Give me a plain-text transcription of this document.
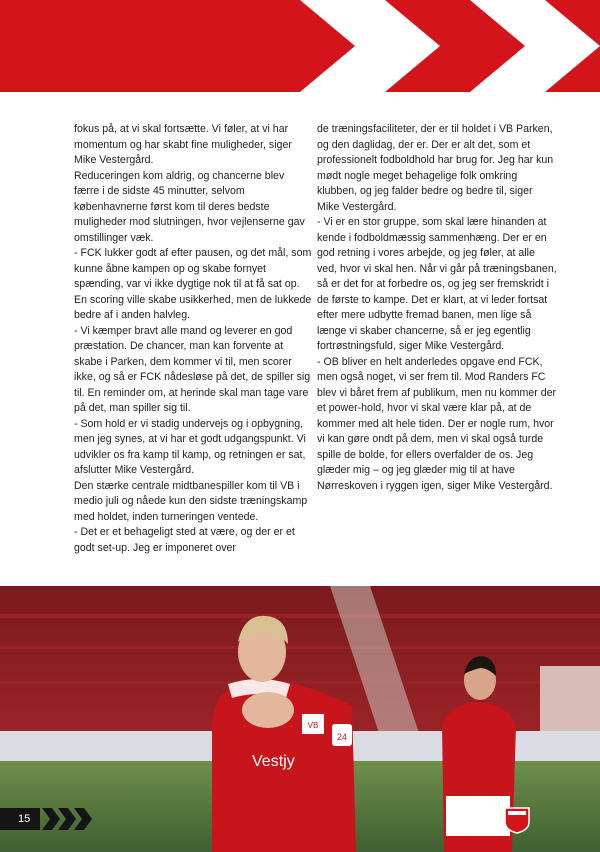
fokus på, at vi skal fortsætte. Vi føler, at vi har momentum og har skabt fine muligheder, siger Mike Vestergård.

Reduceringen kom aldrig, og chancerne blev færre i de sidste 45 minutter, selvom københavnerne først kom til deres bedste muligheder mod slutningen, hvor vejlenserne gav omstillinger væk.

- FCK lukker godt af efter pausen, og det mål, som kunne åbne kampen op og skabe fornyet spænding, var vi ikke dygtige nok til at få sat op. En scoring ville skabe usikkerhed, men de lukkede bedre af i anden halvleg.

- Vi kæmper bravt alle mand og leverer en god præstation. De chancer, man kan forvente at skabe i Parken, dem kommer vi til, men scorer ikke, og så er FCK nådesløse på det, de spiller sig til. En reminder om, at herinde skal man tage vare på det, man spiller sig til.

- Som hold er vi stadig undervejs og i opbygning, men jeg synes, at vi har et godt udgangspunkt. Vi udvikler os fra kamp til kamp, og retningen er sat, afslutter Mike Vestergård.

Den stærke centrale midtbanespiller kom til VB i medio juli og nåede kun den sidste træningskamp med holdet, inden turneringen ventede.

- Det er et behageligt sted at være, og der er et godt set-up. Jeg er imponeret over

de træningsfaciliteter, der er til holdet i VB Parken, og den daglidag, der er. Der er alt det, som et professionelt fodboldhold har brug for. Jeg har kun mødt nogle meget behagelige folk omkring klubben, og jeg falder bedre og bedre til, siger Mike Vestergård.

- Vi er en stor gruppe, som skal lære hinanden at kende i fodboldmæssig sammenhæng. Der er en god retning i vores arbejde, og jeg føler, at alle ved, hvor vi skal hen. Når vi går på træningsbanen, så er det for at forbedre os, og jeg ser fremskridt i de første to kampe. Det er klart, at vi leder fortsat efter mere udbytte fremad banen, men lige så længe vi skaber chancerne, så er jeg egentlig fortrøstningsfuld, siger Mike Vestergård.

- OB bliver en helt anderledes opgave end FCK, men også noget, vi ser frem til. Mod Randers FC blev vi båret frem af publikum, men nu kommer der et power-hold, hvor vi skal være klar på, at de kommer med alt hele tiden. Der er nogle rum, hvor vi kan gøre ondt på dem, men vi skal også turde spille de bolde, for ellers overfalder de os. Jeg glæder mig – og jeg glæder mig til at have Nørreskoven i ryggen igen, siger Mike Vestergård.

Vestjy
24
VB
15
